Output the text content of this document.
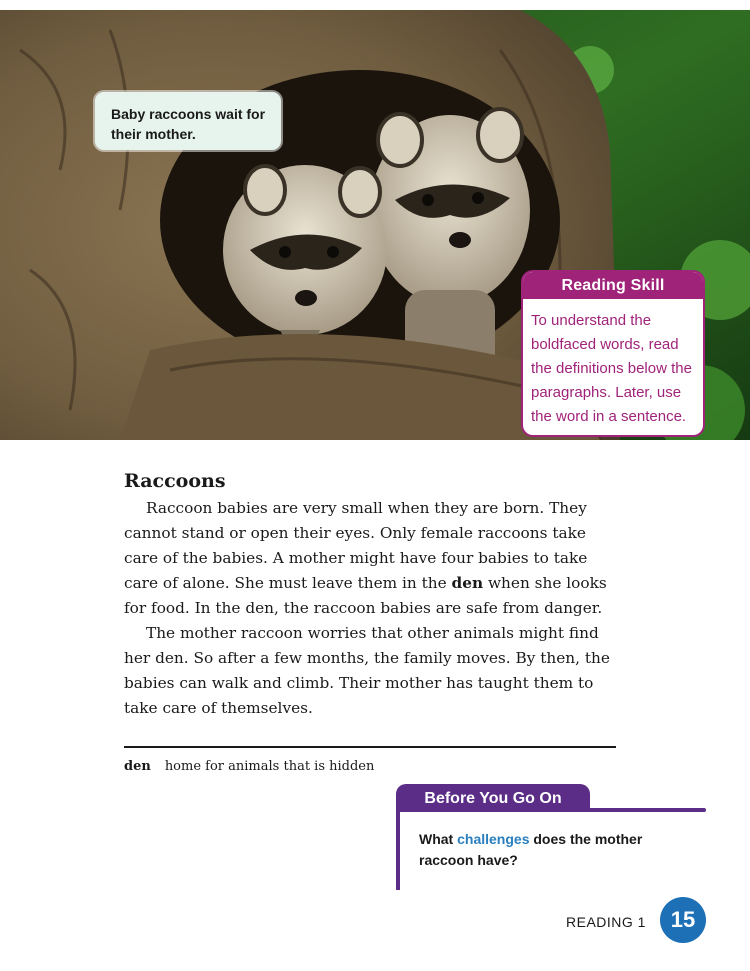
Baby raccoons wait for their mother.
Reading Skill
To understand the boldfaced words, read the definitions below the paragraphs. Later, use the word in a sentence.
Raccoons

Raccoon babies are very small when they are born. They cannot stand or open their eyes. Only female raccoons take care of the babies. A mother might have four babies to take care of alone. She must leave them in the den when she looks for food. In the den, the raccoon babies are safe from danger.

The mother raccoon worries that other animals might find her den. So after a few months, the family moves. By then, the babies can walk and climb. Their mother has taught them to take care of themselves.

den home for animals that is hidden
Before You Go On
What challenges does the mother raccoon have?
READING 1	15
